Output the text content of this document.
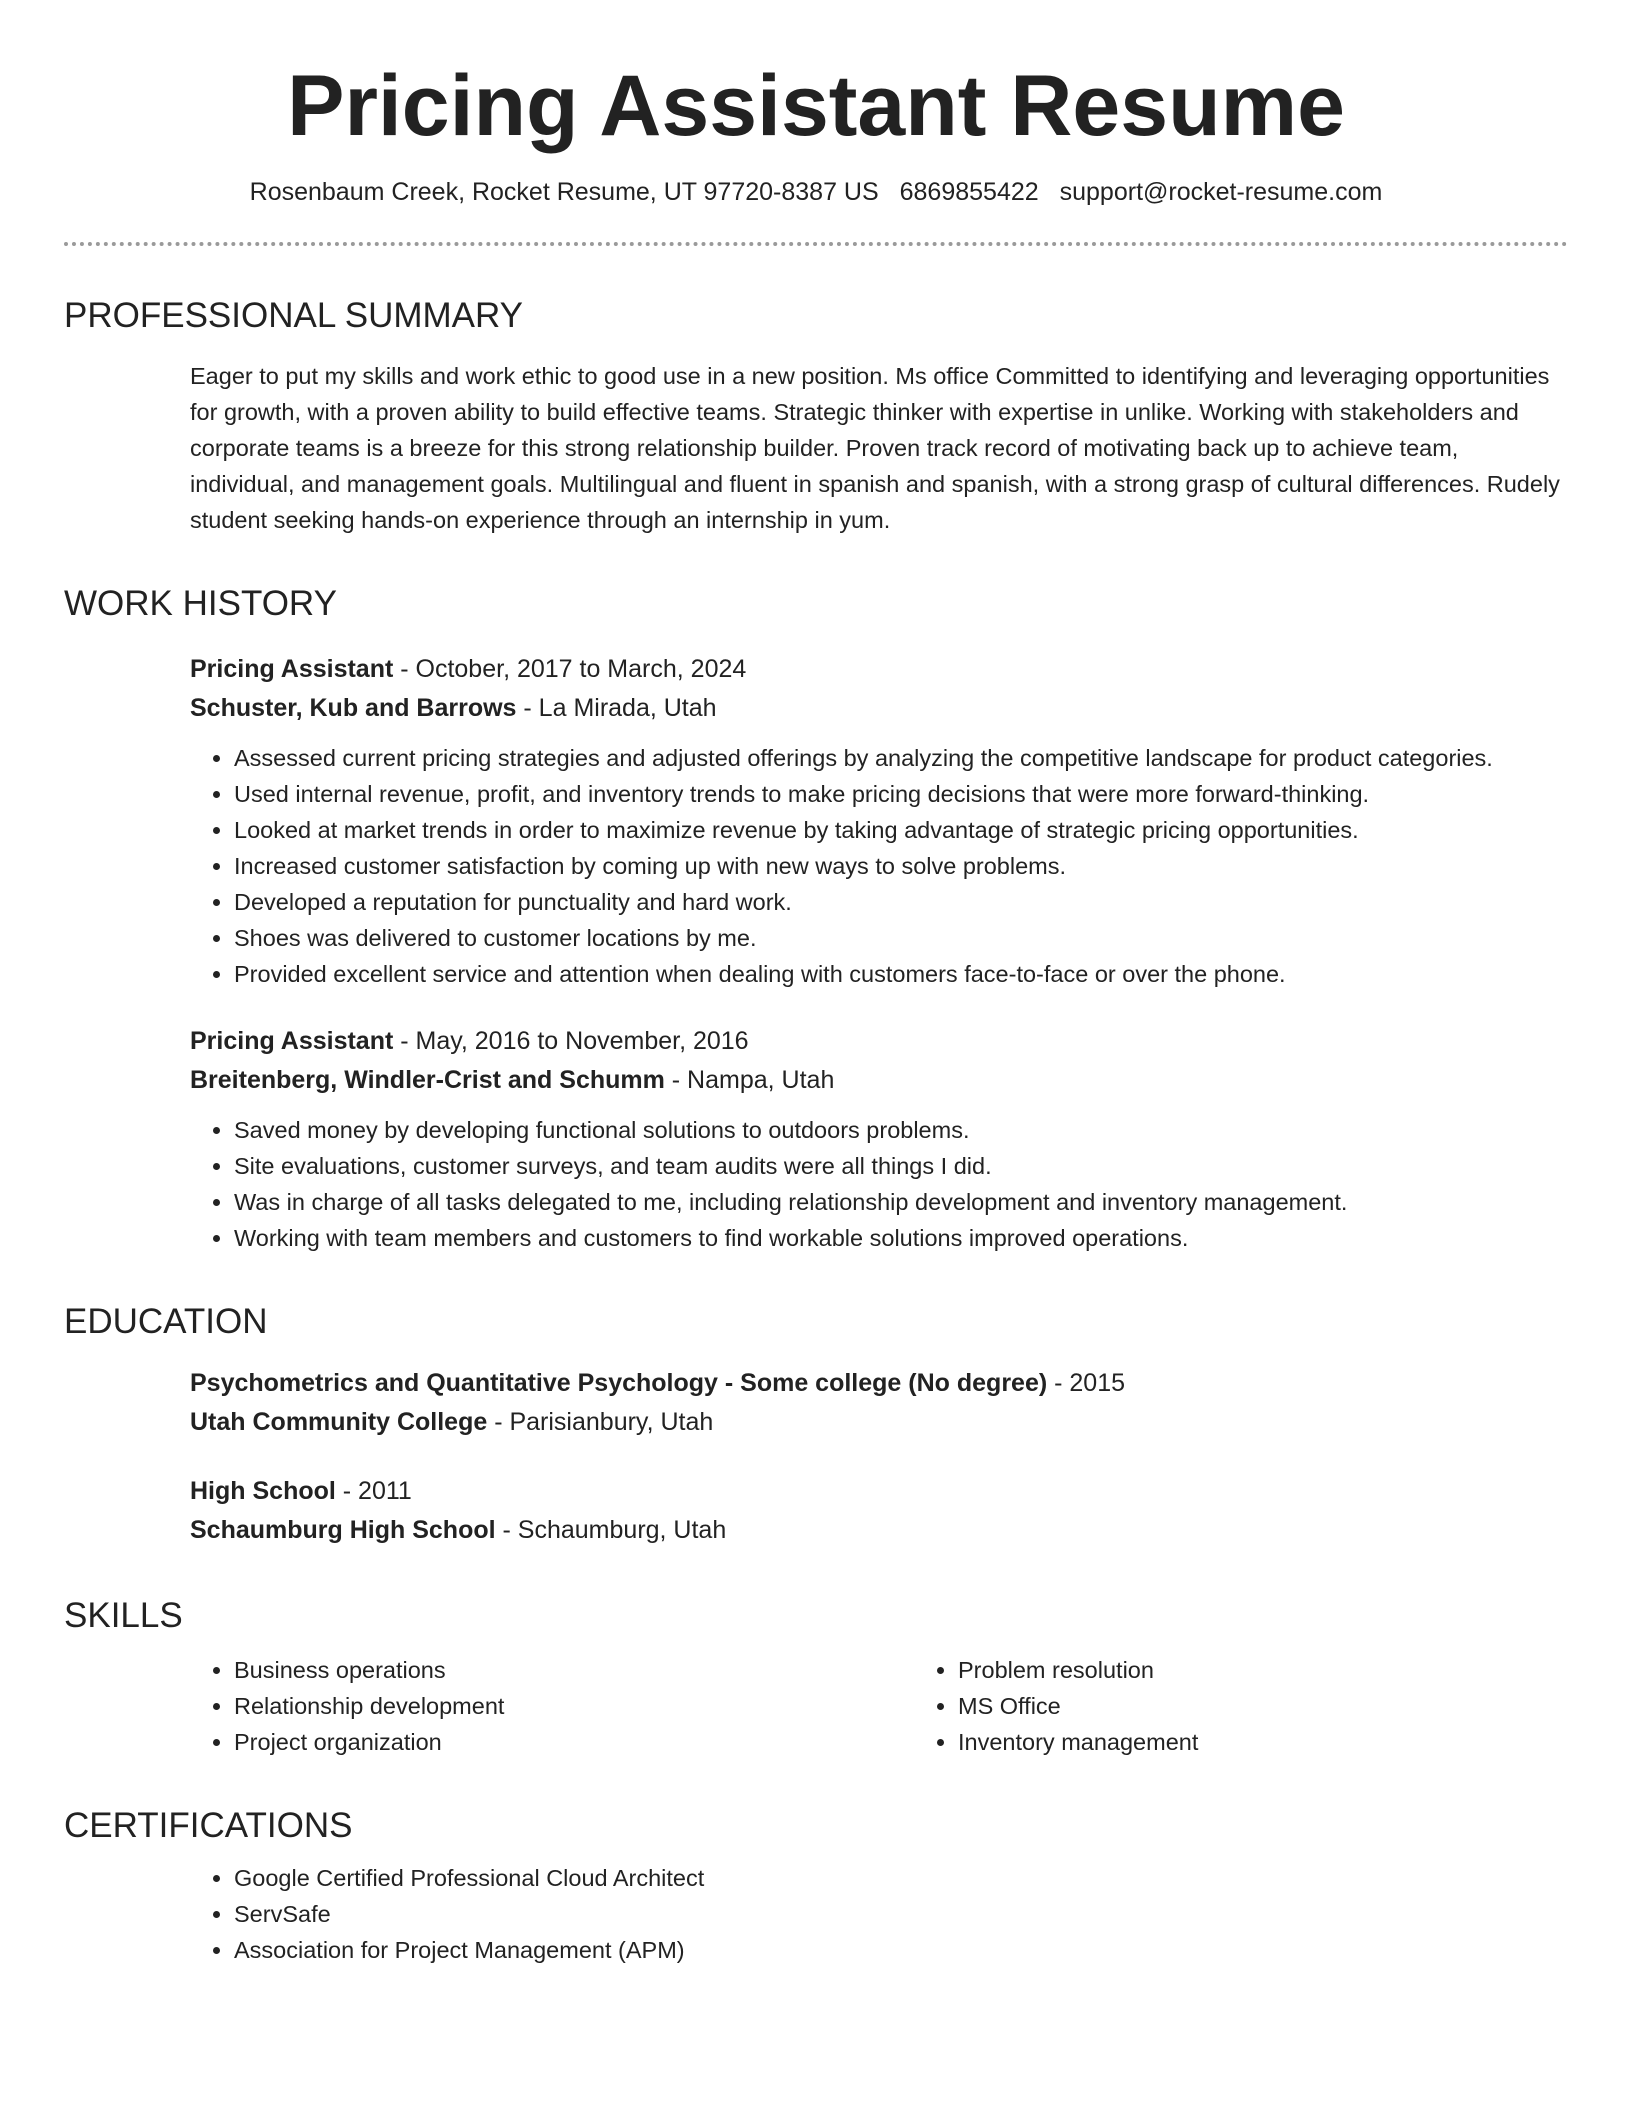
Pricing Assistant Resume
Rosenbaum Creek, Rocket Resume, UT 97720-8387 US 6869855422 support@rocket-resume.com
PROFESSIONAL SUMMARY

Eager to put my skills and work ethic to good use in a new position. Ms office Committed to identifying and leveraging opportunities for growth, with a proven ability to build effective teams. Strategic thinker with expertise in unlike. Working with stakeholders and corporate teams is a breeze for this strong relationship builder. Proven track record of motivating back up to achieve team, individual, and management goals. Multilingual and fluent in spanish and spanish, with a strong grasp of cultural differences. Rudely student seeking hands-on experience through an internship in yum.

WORK HISTORY
Pricing Assistant - October, 2017 to March, 2024
Schuster, Kub and Barrows - La Mirada, Utah
• Assessed current pricing strategies and adjusted offerings by analyzing the competitive landscape for product categories.
• Used internal revenue, profit, and inventory trends to make pricing decisions that were more forward-thinking.
• Looked at market trends in order to maximize revenue by taking advantage of strategic pricing opportunities.
• Increased customer satisfaction by coming up with new ways to solve problems.
• Developed a reputation for punctuality and hard work.
• Shoes was delivered to customer locations by me.
• Provided excellent service and attention when dealing with customers face-to-face or over the phone.
Pricing Assistant - May, 2016 to November, 2016
Breitenberg, Windler-Crist and Schumm - Nampa, Utah
• Saved money by developing functional solutions to outdoors problems.
• Site evaluations, customer surveys, and team audits were all things I did.
• Was in charge of all tasks delegated to me, including relationship development and inventory management.
• Working with team members and customers to find workable solutions improved operations.
EDUCATION
Psychometrics and Quantitative Psychology - Some college (No degree) - 2015
Utah Community College - Parisianbury, Utah
High School - 2011
Schaumburg High School - Schaumburg, Utah
SKILLS
• Business operations
• Relationship development
• Project organization
• Problem resolution
• MS Office
• Inventory management
CERTIFICATIONS
• Google Certified Professional Cloud Architect
• ServSafe
• Association for Project Management (APM)
